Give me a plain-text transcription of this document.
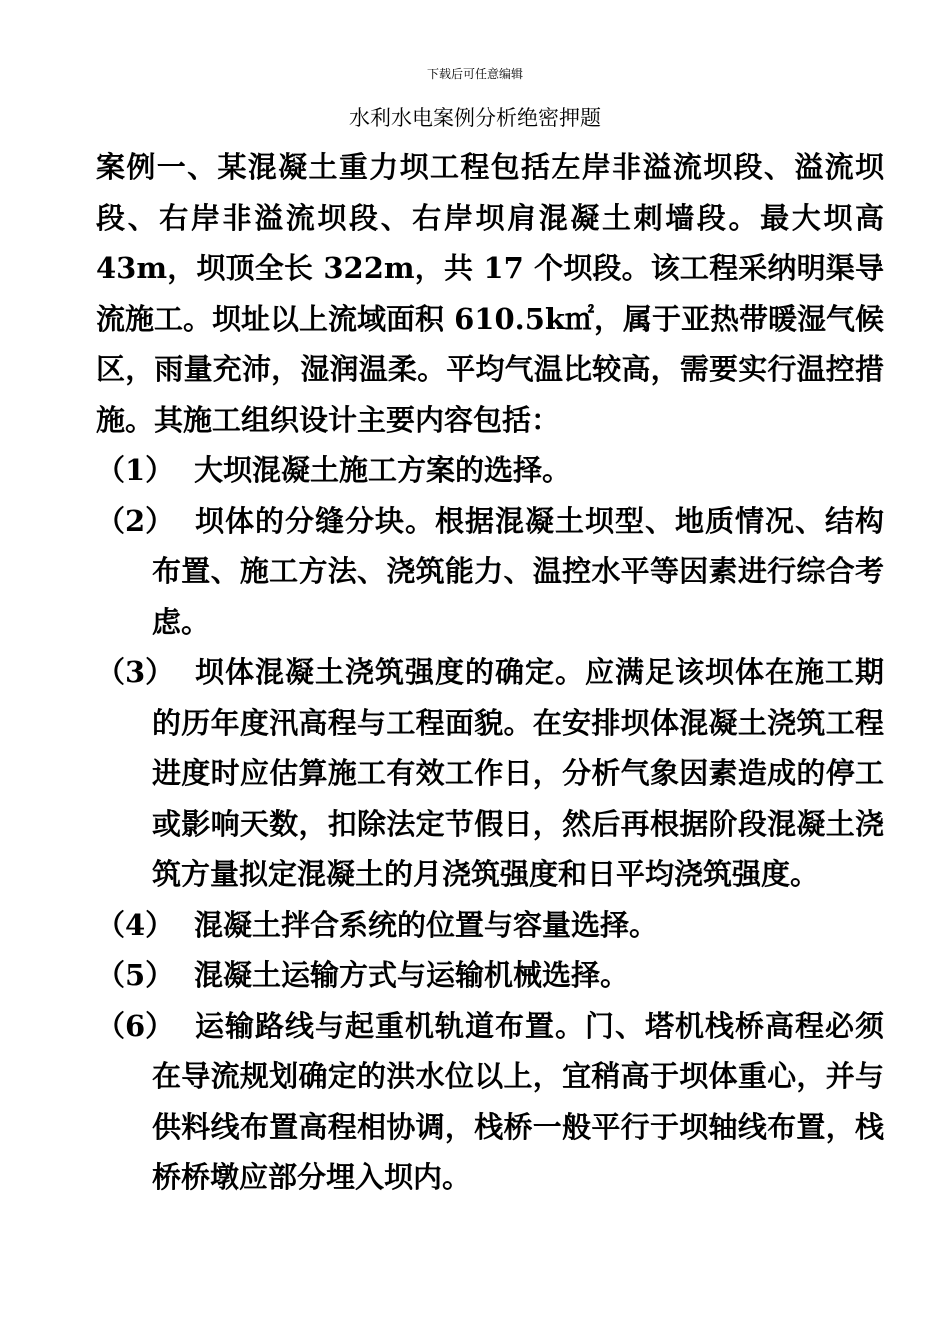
下载后可任意编辑
水利水电案例分析绝密押题

案例一、某混凝土重力坝工程包括左岸非溢流坝段、溢流坝段、右岸非溢流坝段、右岸坝肩混凝土刺墙段。最大坝高 43m，坝顶全长 322m，共 17 个坝段。该工程采纳明渠导流施工。坝址以上流域面积 610.5k㎡，属于亚热带暖湿气候区，雨量充沛，湿润温柔。平均气温比较高，需要实行温控措施。其施工组织设计主要内容包括：

（1） 大坝混凝土施工方案的选择。
（2） 坝体的分缝分块。根据混凝土坝型、地质情况、结构布置、施工方法、浇筑能力、温控水平等因素进行综合考虑。
（3） 坝体混凝土浇筑强度的确定。应满足该坝体在施工期的历年度汛高程与工程面貌。在安排坝体混凝土浇筑工程进度时应估算施工有效工作日，分析气象因素造成的停工或影响天数，扣除法定节假日，然后再根据阶段混凝土浇筑方量拟定混凝土的月浇筑强度和日平均浇筑强度。
（4） 混凝土拌合系统的位置与容量选择。
（5） 混凝土运输方式与运输机械选择。
（6） 运输路线与起重机轨道布置。门、塔机栈桥高程必须在导流规划确定的洪水位以上，宜稍高于坝体重心，并与供料线布置高程相协调，栈桥一般平行于坝轴线布置，栈桥桥墩应部分埋入坝内。
